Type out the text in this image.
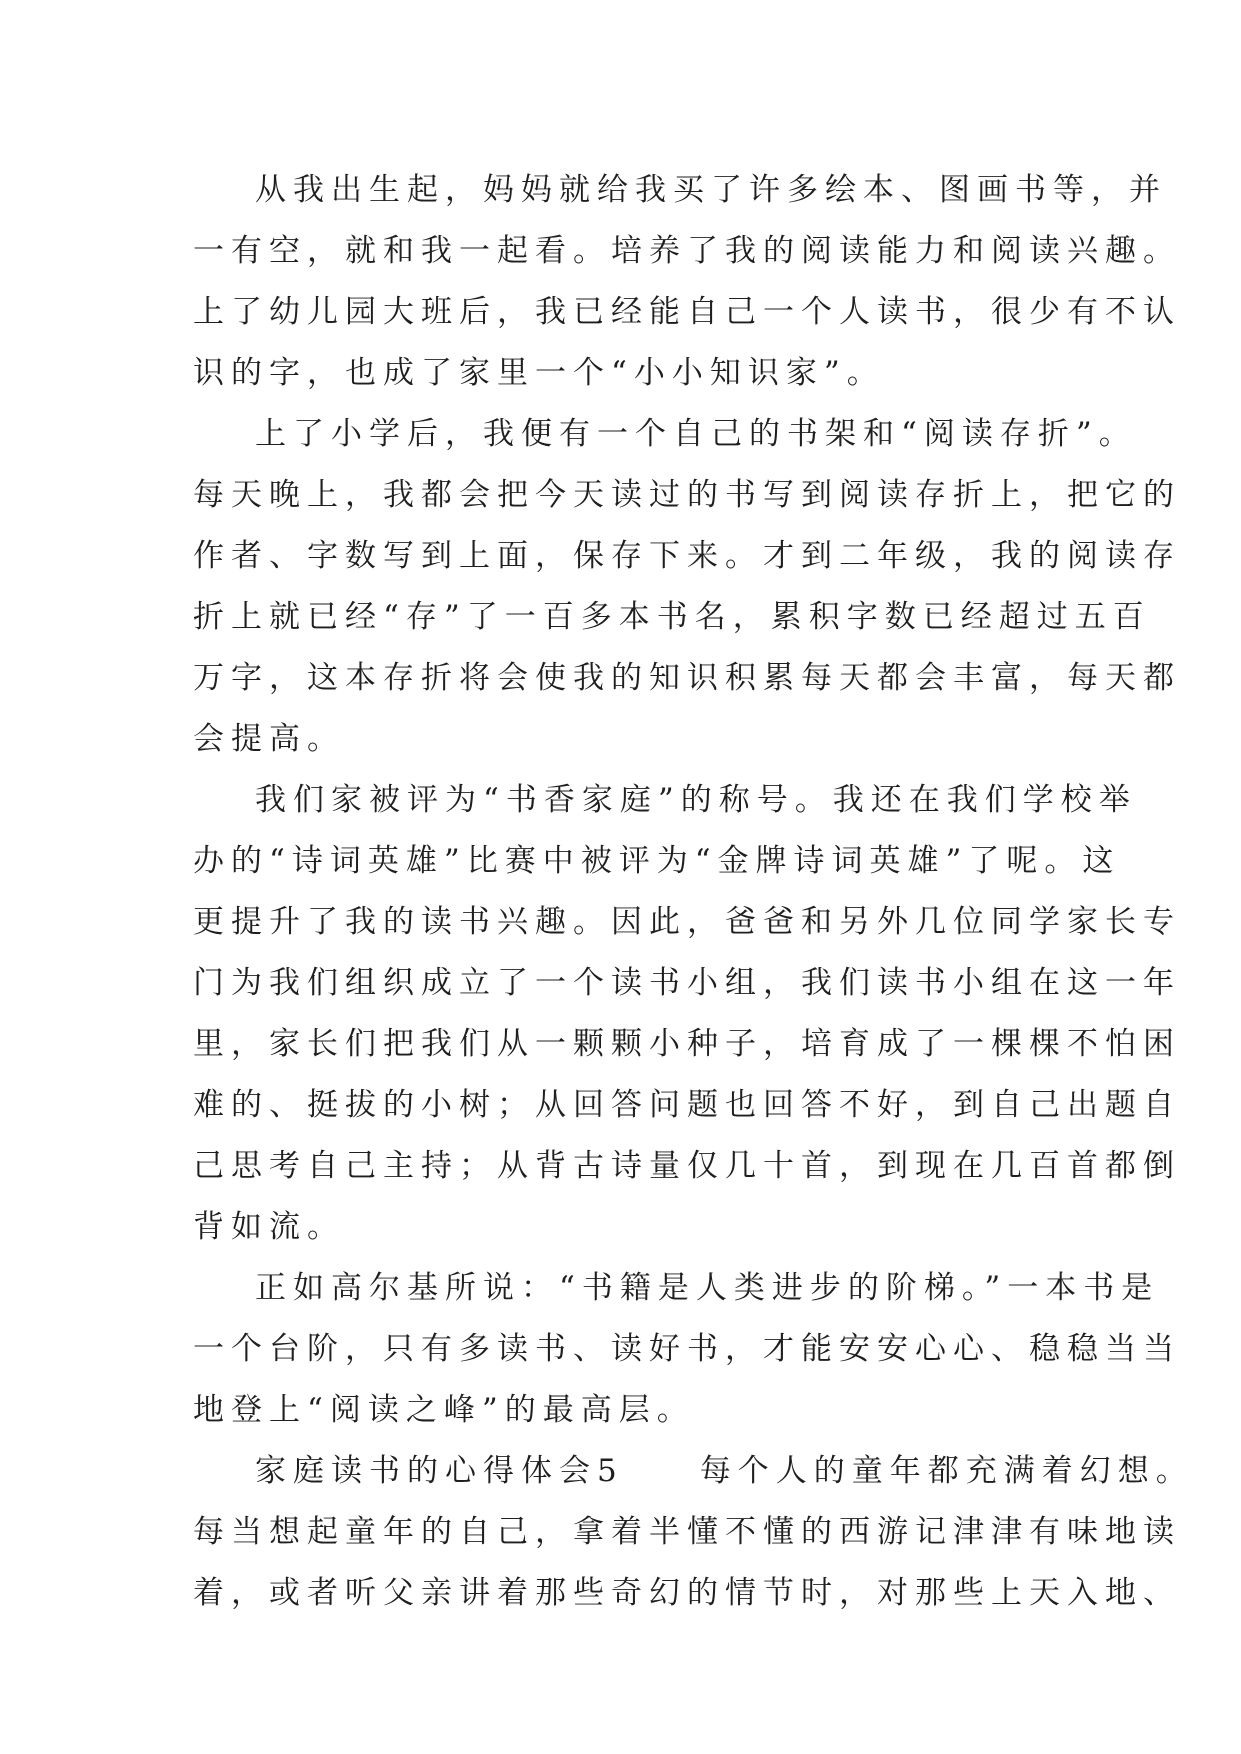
从我出生起，妈妈就给我买了许多绘本、图画书等，并
一有空，就和我一起看。培养了我的阅读能力和阅读兴趣。
上了幼儿园大班后，我已经能自己一个人读书，很少有不认
识的字，也成了家里一个“小小知识家”。
上了小学后，我便有一个自己的书架和“阅读存折”。
每天晚上，我都会把今天读过的书写到阅读存折上，把它的
作者、字数写到上面，保存下来。才到二年级，我的阅读存
折上就已经“存”了一百多本书名，累积字数已经超过五百
万字，这本存折将会使我的知识积累每天都会丰富，每天都
会提高。
我们家被评为“书香家庭”的称号。我还在我们学校举
办的“诗词英雄”比赛中被评为“金牌诗词英雄”了呢。这
更提升了我的读书兴趣。因此，爸爸和另外几位同学家长专
门为我们组织成立了一个读书小组，我们读书小组在这一年
里，家长们把我们从一颗颗小种子，培育成了一棵棵不怕困
难的、挺拔的小树；从回答问题也回答不好，到自己出题自
己思考自己主持；从背古诗量仅几十首，到现在几百首都倒
背如流。
正如高尔基所说：“书籍是人类进步的阶梯。”一本书是
一个台阶，只有多读书、读好书，才能安安心心、稳稳当当
地登上“阅读之峰”的最高层。
家庭读书的心得体会5　　每个人的童年都充满着幻想。
每当想起童年的自己，拿着半懂不懂的西游记津津有味地读
着，或者听父亲讲着那些奇幻的情节时，对那些上天入地、
